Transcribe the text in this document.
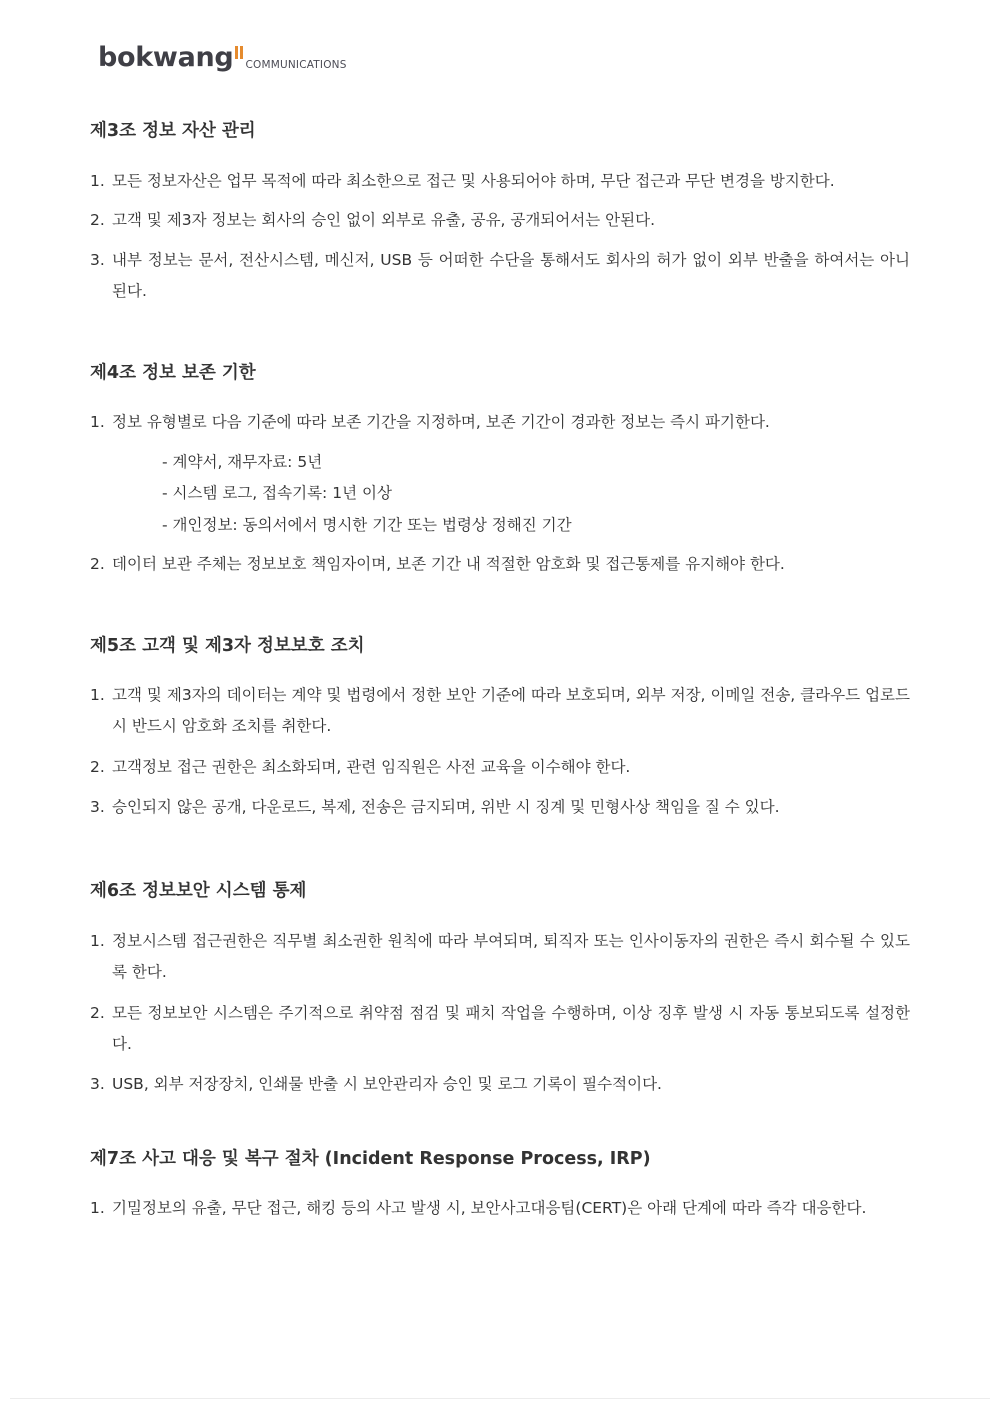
bokwang COMMUNICATIONS
제3조 정보 자산 관리
1. 모든 정보자산은 업무 목적에 따라 최소한으로 접근 및 사용되어야 하며, 무단 접근과 무단 변경을 방지한다.
2. 고객 및 제3자 정보는 회사의 승인 없이 외부로 유출, 공유, 공개되어서는 안된다.
3. 내부 정보는 문서, 전산시스템, 메신저, USB 등 어떠한 수단을 통해서도 회사의 허가 없이 외부 반출을 하여서는 아니 된다.
제4조 정보 보존 기한
1. 정보 유형별로 다음 기준에 따라 보존 기간을 지정하며, 보존 기간이 경과한 정보는 즉시 파기한다.
- 계약서, 재무자료: 5년
- 시스템 로그, 접속기록: 1년 이상
- 개인정보: 동의서에서 명시한 기간 또는 법령상 정해진 기간
2. 데이터 보관 주체는 정보보호 책임자이며, 보존 기간 내 적절한 암호화 및 접근통제를 유지해야 한다.
제5조 고객 및 제3자 정보보호 조치
1. 고객 및 제3자의 데이터는 계약 및 법령에서 정한 보안 기준에 따라 보호되며, 외부 저장, 이메일 전송, 클라우드 업로드 시 반드시 암호화 조치를 취한다.
2. 고객정보 접근 권한은 최소화되며, 관련 임직원은 사전 교육을 이수해야 한다.
3. 승인되지 않은 공개, 다운로드, 복제, 전송은 금지되며, 위반 시 징계 및 민형사상 책임을 질 수 있다.
제6조 정보보안 시스템 통제
1. 정보시스템 접근권한은 직무별 최소권한 원칙에 따라 부여되며, 퇴직자 또는 인사이동자의 권한은 즉시 회수될 수 있도록 한다.
2. 모든 정보보안 시스템은 주기적으로 취약점 점검 및 패치 작업을 수행하며, 이상 징후 발생 시 자동 통보되도록 설정한다.
3. USB, 외부 저장장치, 인쇄물 반출 시 보안관리자 승인 및 로그 기록이 필수적이다.
제7조 사고 대응 및 복구 절차 (Incident Response Process, IRP)
1. 기밀정보의 유출, 무단 접근, 해킹 등의 사고 발생 시, 보안사고대응팀(CERT)은 아래 단계에 따라 즉각 대응한다.
